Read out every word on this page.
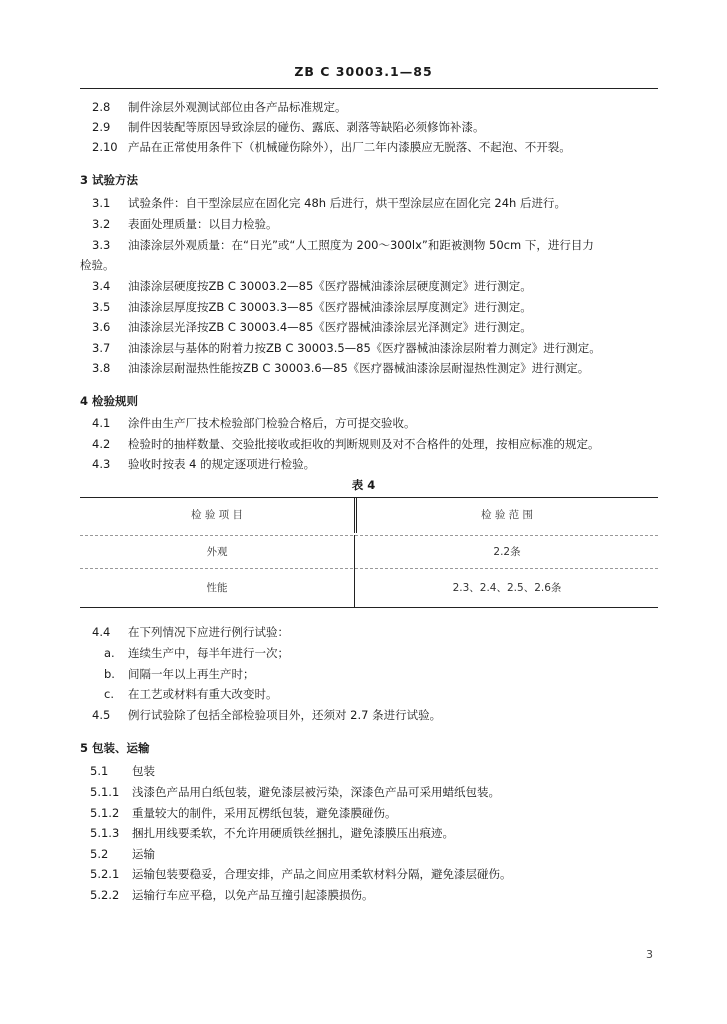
ZB C 30003.1—85
2.8 制件涂层外观测试部位由各产品标准规定。
2.9 制件因装配等原因导致涂层的碰伤、露底、剥落等缺陷必须修饰补漆。
2.10 产品在正常使用条件下（机械碰伤除外），出厂二年内漆膜应无脱落、不起泡、不开裂。
3 试验方法
3.1 试验条件：自干型涂层应在固化完 48h 后进行，烘干型涂层应在固化完 24h 后进行。
3.2 表面处理质量：以目力检验。
3.3 油漆涂层外观质量：在“日光”或“人工照度为 200～300lx”和距被测物 50cm 下，进行目力
检验。
3.4 油漆涂层硬度按ZB C 30003.2—85《医疗器械油漆涂层硬度测定》进行测定。
3.5 油漆涂层厚度按ZB C 30003.3—85《医疗器械油漆涂层厚度测定》进行测定。
3.6 油漆涂层光泽按ZB C 30003.4—85《医疗器械油漆涂层光泽测定》进行测定。
3.7 油漆涂层与基体的附着力按ZB C 30003.5—85《医疗器械油漆涂层附着力测定》进行测定。
3.8 油漆涂层耐湿热性能按ZB C 30003.6—85《医疗器械油漆涂层耐湿热性测定》进行测定。
4 检验规则
4.1 涂件由生产厂技术检验部门检验合格后，方可提交验收。
4.2 检验时的抽样数量、交验批接收或拒收的判断规则及对不合格件的处理，按相应标准的规定。
4.3 验收时按表 4 的规定逐项进行检验。
表 4
检 验 项 目	检 验 范 围
外观	2.2条
性能	2.3、2.4、2.5、2.6条
4.4 在下列情况下应进行例行试验：
a. 连续生产中，每半年进行一次；
b. 间隔一年以上再生产时；
c. 在工艺或材料有重大改变时。
4.5 例行试验除了包括全部检验项目外，还须对 2.7 条进行试验。
5 包装、运输
5.1 包装
5.1.1 浅漆色产品用白纸包装，避免漆层被污染，深漆色产品可采用蜡纸包装。
5.1.2 重量较大的制件，采用瓦楞纸包装，避免漆膜碰伤。
5.1.3 捆扎用线要柔软，不允许用硬质铁丝捆扎，避免漆膜压出痕迹。
5.2 运输
5.2.1 运输包装要稳妥，合理安排，产品之间应用柔软材料分隔，避免漆层碰伤。
5.2.2 运输行车应平稳，以免产品互撞引起漆膜损伤。
3
